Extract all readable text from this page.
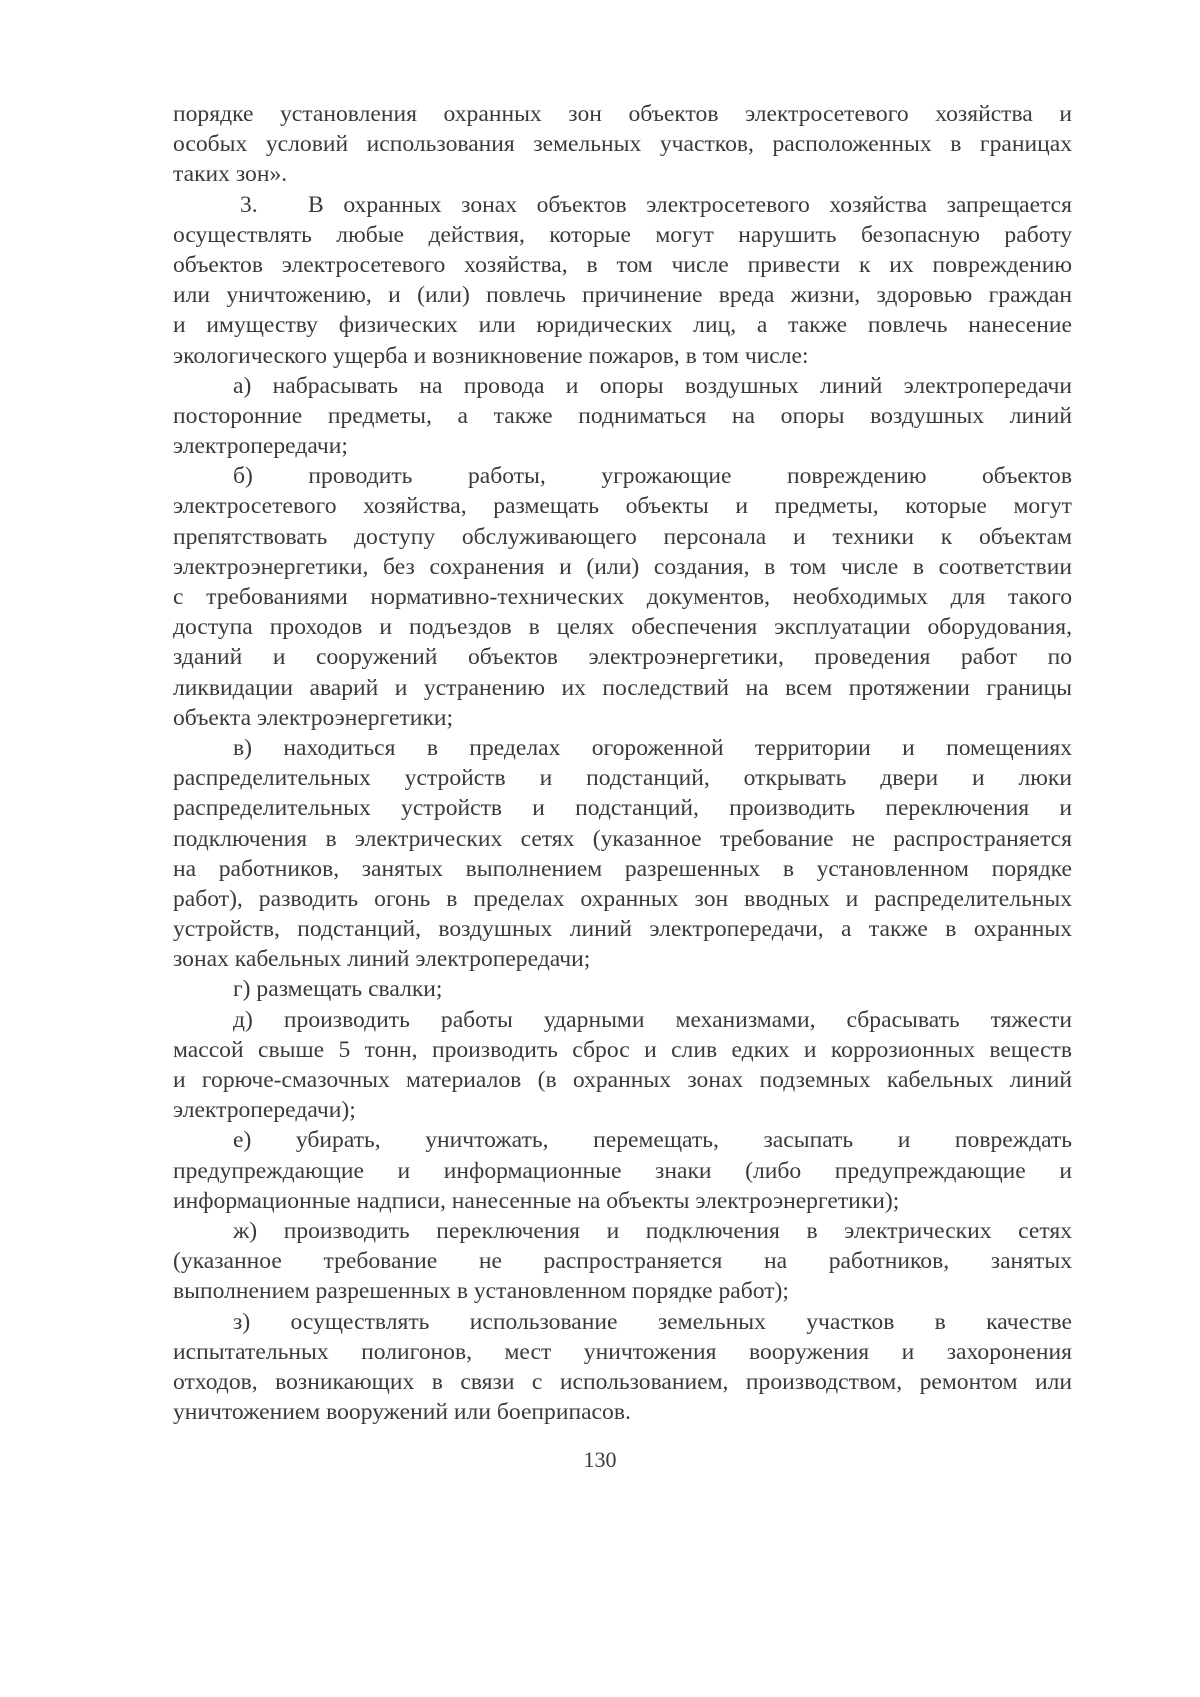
порядке установления охранных зон объектов электросетевого хозяйства и
особых условий использования земельных участков, расположенных в границах
таких зон».
3. В охранных зонах объектов электросетевого хозяйства запрещается
осуществлять любые действия, которые могут нарушить безопасную работу
объектов электросетевого хозяйства, в том числе привести к их повреждению
или уничтожению, и (или) повлечь причинение вреда жизни, здоровью граждан
и имуществу физических или юридических лиц, а также повлечь нанесение
экологического ущерба и возникновение пожаров, в том числе:
а) набрасывать на провода и опоры воздушных линий электропередачи
посторонние предметы, а также подниматься на опоры воздушных линий
электропередачи;
б) проводить работы, угрожающие повреждению объектов
электросетевого хозяйства, размещать объекты и предметы, которые могут
препятствовать доступу обслуживающего персонала и техники к объектам
электроэнергетики, без сохранения и (или) создания, в том числе в соответствии
с требованиями нормативно-технических документов, необходимых для такого
доступа проходов и подъездов в целях обеспечения эксплуатации оборудования,
зданий и сооружений объектов электроэнергетики, проведения работ по
ликвидации аварий и устранению их последствий на всем протяжении границы
объекта электроэнергетики;
в) находиться в пределах огороженной территории и помещениях
распределительных устройств и подстанций, открывать двери и люки
распределительных устройств и подстанций, производить переключения и
подключения в электрических сетях (указанное требование не распространяется
на работников, занятых выполнением разрешенных в установленном порядке
работ), разводить огонь в пределах охранных зон вводных и распределительных
устройств, подстанций, воздушных линий электропередачи, а также в охранных
зонах кабельных линий электропередачи;
г) размещать свалки;
д) производить работы ударными механизмами, сбрасывать тяжести
массой свыше 5 тонн, производить сброс и слив едких и коррозионных веществ
и горюче-смазочных материалов (в охранных зонах подземных кабельных линий
электропередачи);
е) убирать, уничтожать, перемещать, засыпать и повреждать
предупреждающие и информационные знаки (либо предупреждающие и
информационные надписи, нанесенные на объекты электроэнергетики);
ж) производить переключения и подключения в электрических сетях
(указанное требование не распространяется на работников, занятых
выполнением разрешенных в установленном порядке работ);
з) осуществлять использование земельных участков в качестве
испытательных полигонов, мест уничтожения вооружения и захоронения
отходов, возникающих в связи с использованием, производством, ремонтом или
уничтожением вооружений или боеприпасов.
130
